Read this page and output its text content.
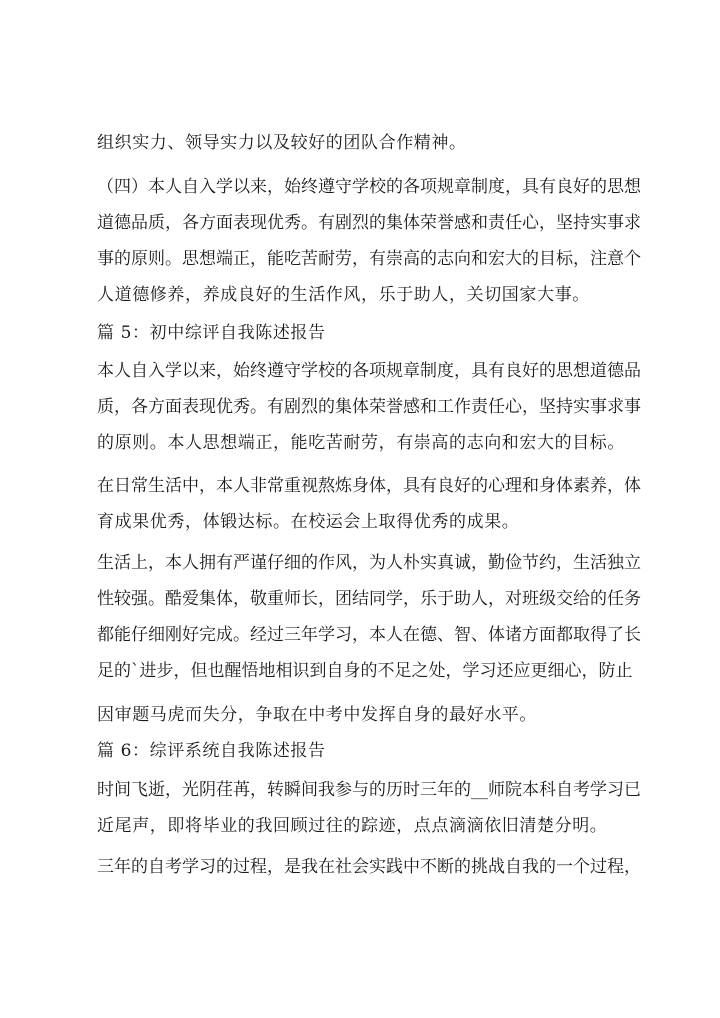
组织实力、领导实力以及较好的团队合作精神。
（四）本人自入学以来，始终遵守学校的各项规章制度，具有良好的思想
道德品质，各方面表现优秀。有剧烈的集体荣誉感和责任心，坚持实事求
事的原则。思想端正，能吃苦耐劳，有崇高的志向和宏大的目标，注意个
人道德修养，养成良好的生活作风，乐于助人，关切国家大事。
篇 5：初中综评自我陈述报告
本人自入学以来，始终遵守学校的各项规章制度，具有良好的思想道德品
质，各方面表现优秀。有剧烈的集体荣誉感和工作责任心，坚持实事求事
的原则。本人思想端正，能吃苦耐劳，有崇高的志向和宏大的目标。
在日常生活中，本人非常重视熬炼身体，具有良好的心理和身体素养，体
育成果优秀，体锻达标。在校运会上取得优秀的成果。
生活上，本人拥有严谨仔细的作风，为人朴实真诚，勤俭节约，生活独立
性较强。酷爱集体，敬重师长，团结同学，乐于助人，对班级交给的任务
都能仔细刚好完成。经过三年学习，本人在德、智、体诸方面都取得了长
足的`进步，但也醒悟地相识到自身的不足之处，学习还应更细心，防止
因审题马虎而失分，争取在中考中发挥自身的最好水平。
篇 6：综评系统自我陈述报告
时间飞逝，光阴荏苒，转瞬间我参与的历时三年的__师院本科自考学习已
近尾声，即将毕业的我回顾过往的踪迹，点点滴滴依旧清楚分明。
三年的自考学习的过程，是我在社会实践中不断的挑战自我的一个过程，
